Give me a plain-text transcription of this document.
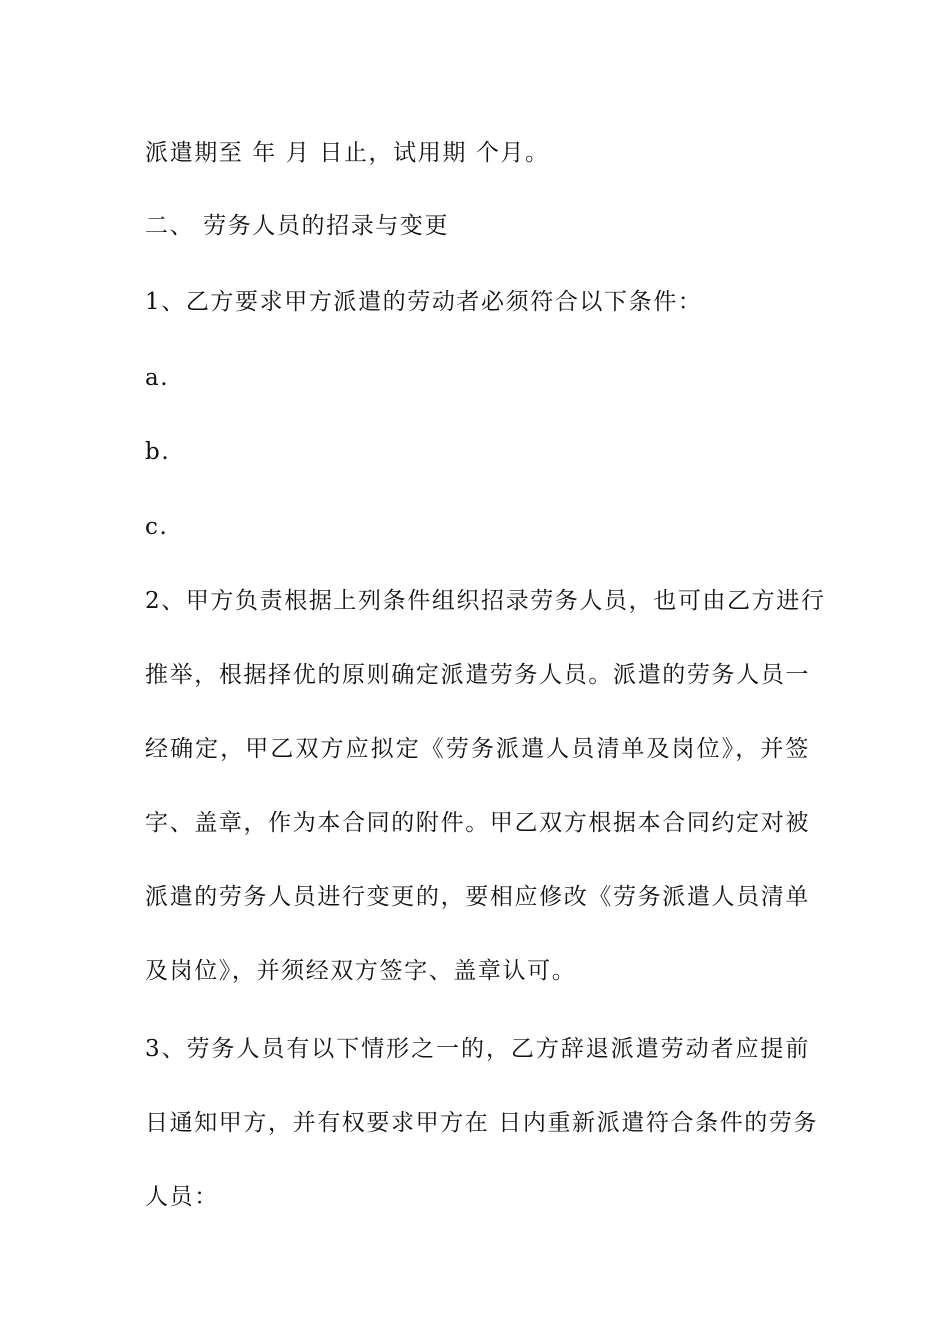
派遣期至 年 月 日止，试用期 个月。
二、 劳务人员的招录与变更
1、乙方要求甲方派遣的劳动者必须符合以下条件：
a.
b.
c.
2、甲方负责根据上列条件组织招录劳务人员，也可由乙方进行
推举，根据择优的原则确定派遣劳务人员。派遣的劳务人员一
经确定，甲乙双方应拟定《劳务派遣人员清单及岗位》，并签
字、盖章，作为本合同的附件。甲乙双方根据本合同约定对被
派遣的劳务人员进行变更的，要相应修改《劳务派遣人员清单
及岗位》，并须经双方签字、盖章认可。
3、劳务人员有以下情形之一的，乙方辞退派遣劳动者应提前
日通知甲方，并有权要求甲方在 日内重新派遣符合条件的劳务
人员：
